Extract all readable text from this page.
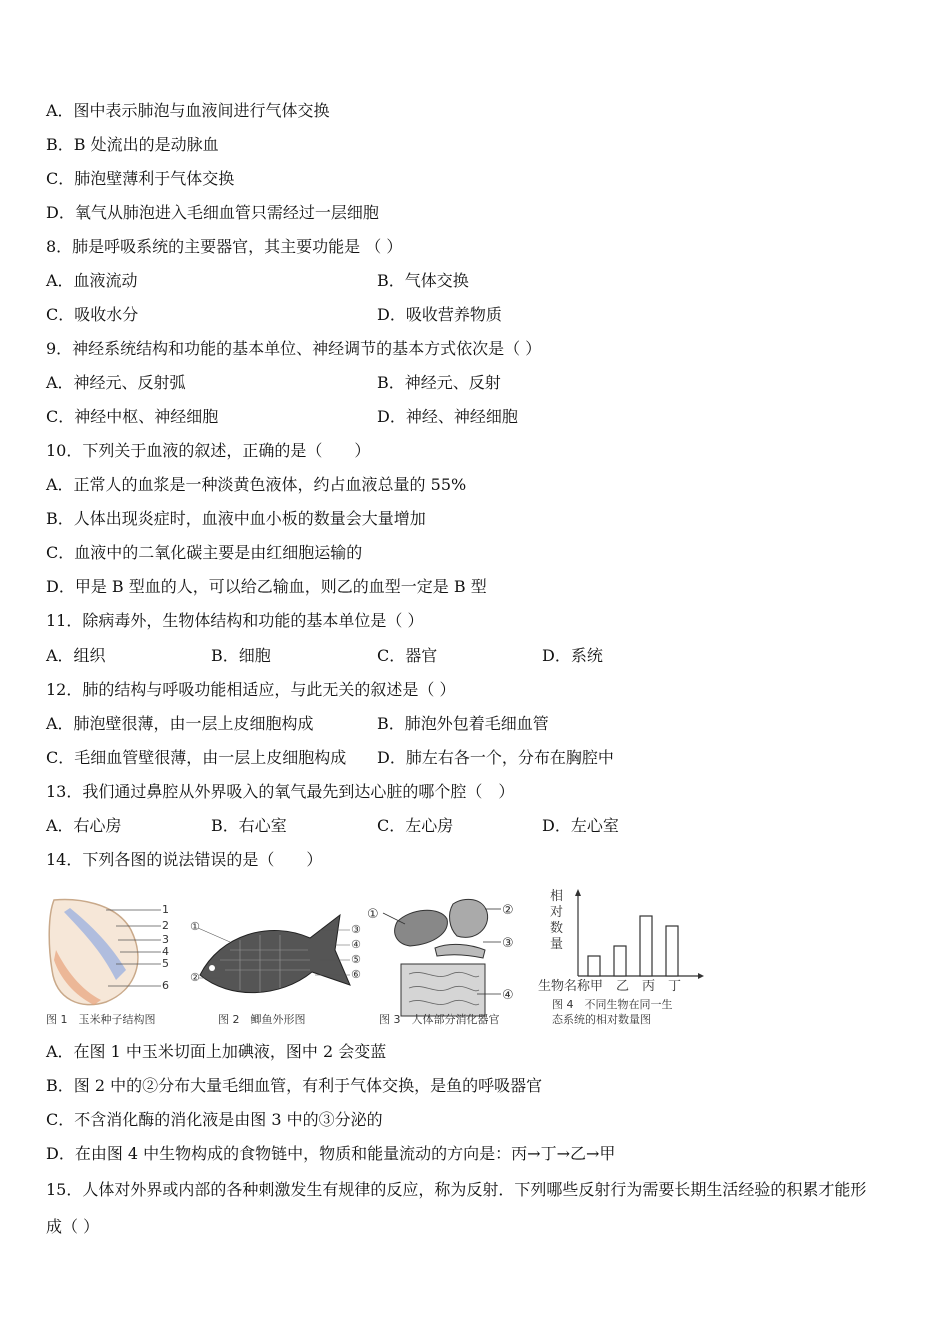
A．图中表示肺泡与血液间进行气体交换
B．B 处流出的是动脉血
C．肺泡壁薄利于气体交换
D．氧气从肺泡进入毛细血管只需经过一层细胞
8．肺是呼吸系统的主要器官，其主要功能是 （ ）
A．血液流动	B．气体交换
C．吸收水分	D．吸收营养物质
9．神经系统结构和功能的基本单位、神经调节的基本方式依次是（ ）
A．神经元、反射弧	B．神经元、反射
C．神经中枢、神经细胞	D．神经、神经细胞
10．下列关于血液的叙述，正确的是（　　）
A．正常人的血浆是一种淡黄色液体，约占血液总量的 55%
B．人体出现炎症时，血液中血小板的数量会大量增加
C．血液中的二氧化碳主要是由红细胞运输的
D．甲是 B 型血的人，可以给乙输血，则乙的血型一定是 B 型
11．除病毒外，生物体结构和功能的基本单位是（ ）
A．组织	B．细胞	C．器官	D．系统
12．肺的结构与呼吸功能相适应，与此无关的叙述是（ ）
A．肺泡壁很薄，由一层上皮细胞构成	B．肺泡外包着毛细血管
C．毛细血管壁很薄，由一层上皮细胞构成 D．肺左右各一个，分布在胸腔中
13．我们通过鼻腔从外界吸入的氧气最先到达心脏的哪个腔（　）
A．右心房	B．右心室	C．左心房	D．左心室
14．下列各图的说法错误的是（　　）
1
2
3
4
5
6
图 1　玉米种子结构图
①
②
③
④
⑤
⑥
图 2　鲫鱼外形图
①	②
③
④
图 3　人体部分消化器官
相
对
数
量
生物名称 甲 乙 丙 丁
图 4　不同生物在同一生
态系统的相对数量图
A．在图 1 中玉米切面上加碘液，图中 2 会变蓝
B．图 2 中的②分布大量毛细血管，有利于气体交换，是鱼的呼吸器官
C．不含消化酶的消化液是由图 3 中的③分泌的
D．在由图 4 中生物构成的食物链中，物质和能量流动的方向是：丙→丁→乙→甲
15．人体对外界或内部的各种刺激发生有规律的反应，称为反射．下列哪些反射行为需要长期生活经验的积累才能形
成（ ）
